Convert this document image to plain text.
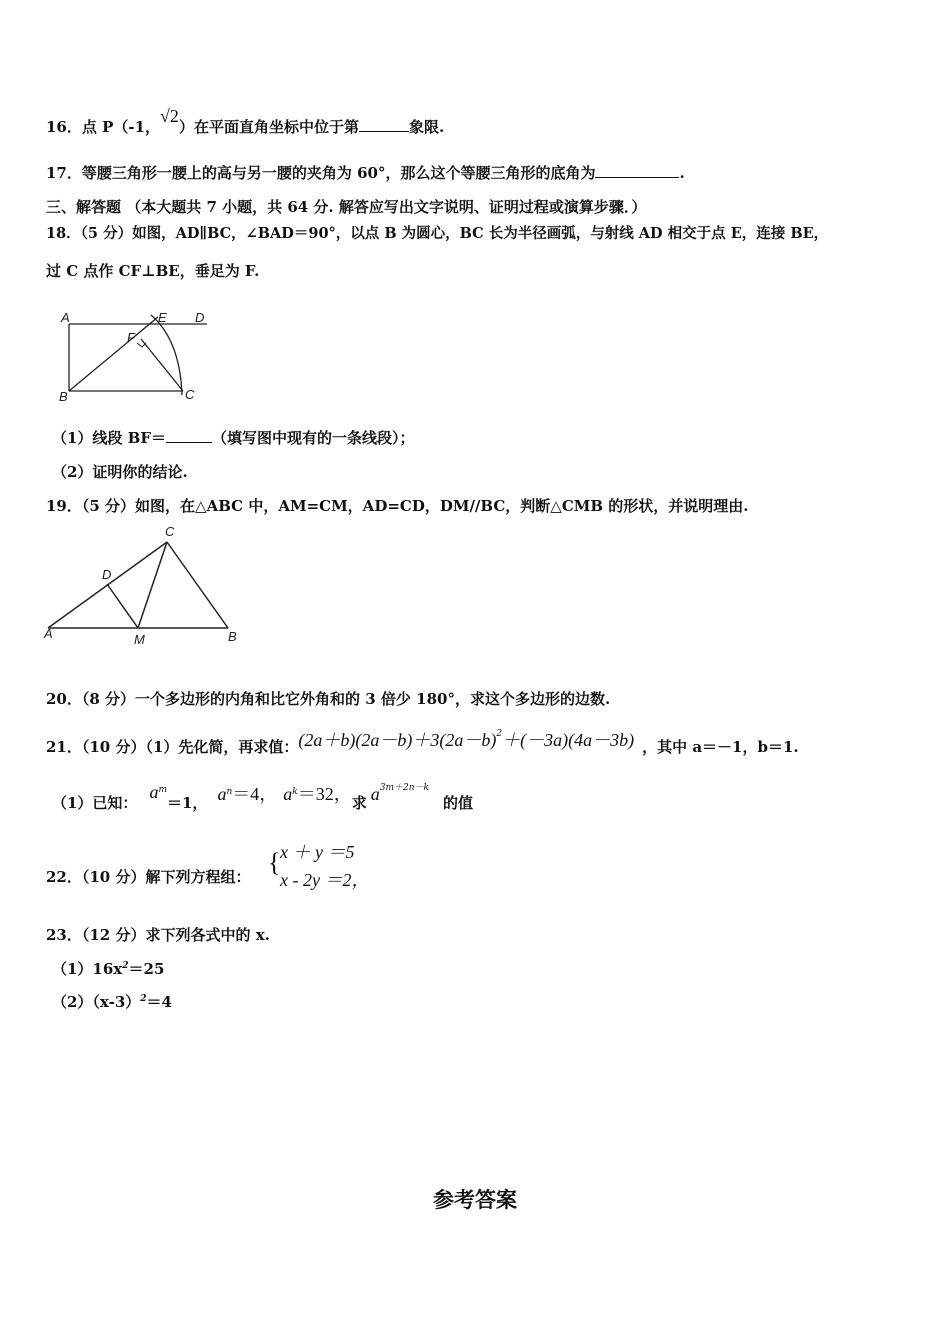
16．点 P（-1，√2）在平面直角坐标中位于第	象限.
17．等腰三角形一腰上的高与另一腰的夹角为 60°，那么这个等腰三角形的底角为	.
三、解答题 （本大题共 7 小题，共 64 分. 解答应写出文字说明、证明过程或演算步骤．）
18．（5 分）如图，AD∥BC，∠BAD＝90°，以点 B 为圆心，BC 长为半径画弧，与射线 AD 相交于点 E，连接 BE，
过 C 点作 CF⊥BE，垂足为 F.
A	E D
F
B	C
（1）线段 BF＝	（填写图中现有的一条线段）；
（2）证明你的结论.
19．（5 分）如图，在△ABC 中，AM=CM，AD=CD，DM//BC，判断△CMB 的形状，并说明理由.
C
D
A	M	B
20．（8 分）一个多边形的内角和比它外角和的 3 倍少 180°，求这个多边形的边数.
21．（10 分）（1）先化简，再求值：$(2a+b)(2a-b)+3(2a-b)^2+(-3a)(4a-3b)$ ，其中 a＝－1，b＝1.
（1）已知：$a^m=1$， $a^n=4$， $a^k=32$，求 $a^{3m+2n-k}$的值
22．（10 分）解下列方程组： { x ＋ y ＝5
x - 2y ＝2，
23．（12 分）求下列各式中的 x.
$(1)16x^2=25$
$(2)(x-3)^2=4$
参考答案
